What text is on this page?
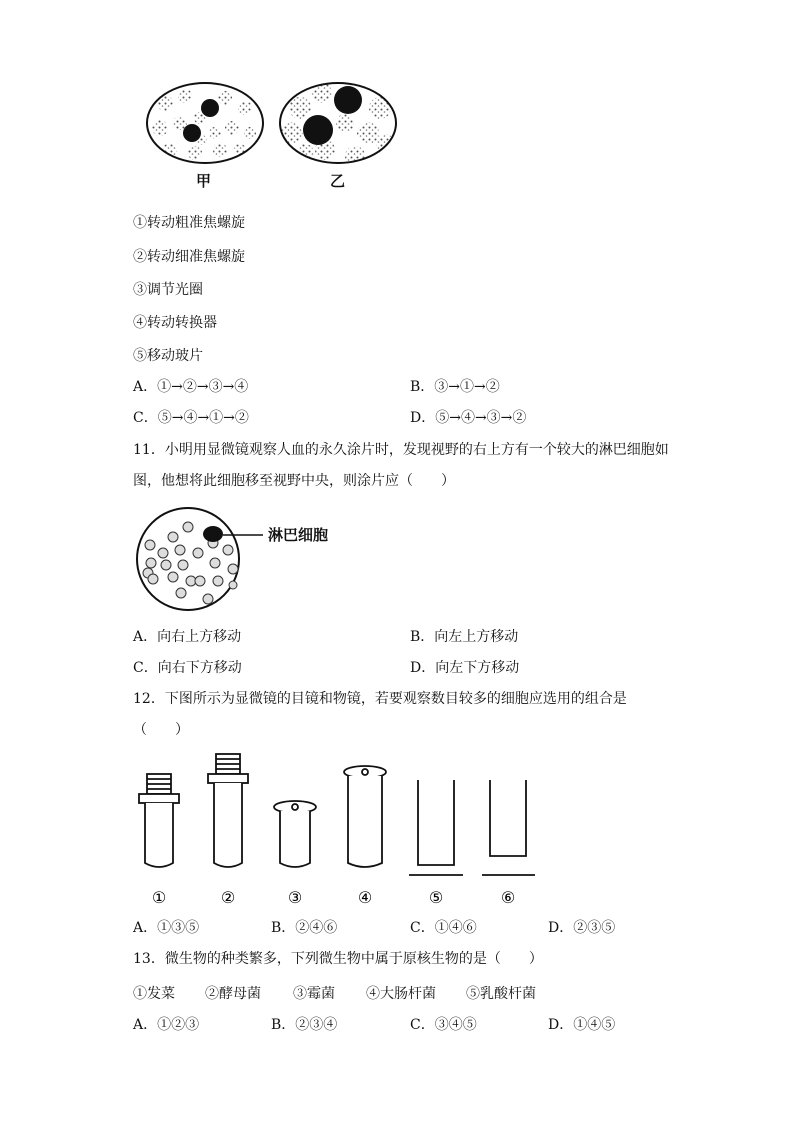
甲	乙
①转动粗准焦螺旋
②转动细准焦螺旋
③调节光圈
④转动转换器
⑤移动玻片
A．①→②→③→④	B．③→①→②
C．⑤→④→①→②	D．⑤→④→③→②
11．小明用显微镜观察人血的永久涂片时，发现视野的右上方有一个较大的淋巴细胞如
图，他想将此细胞移至视野中央，则涂片应（　　）
淋巴细胞
A．向右上方移动	B．向左上方移动
C．向右下方移动	D．向左下方移动
12．下图所示为显微镜的目镜和物镜，若要观察数目较多的细胞应选用的组合是
（　　）
①	②	③	④	⑤	⑥
A．①③⑤	B．②④⑥	C．①④⑥	D．②③⑤
13．微生物的种类繁多，下列微生物中属于原核生物的是（　　）
①发菜 ②酵母菌 ③霉菌 ④大肠杆菌 ⑤乳酸杆菌
A．①②③	B．②③④	C．③④⑤	D．①④⑤
